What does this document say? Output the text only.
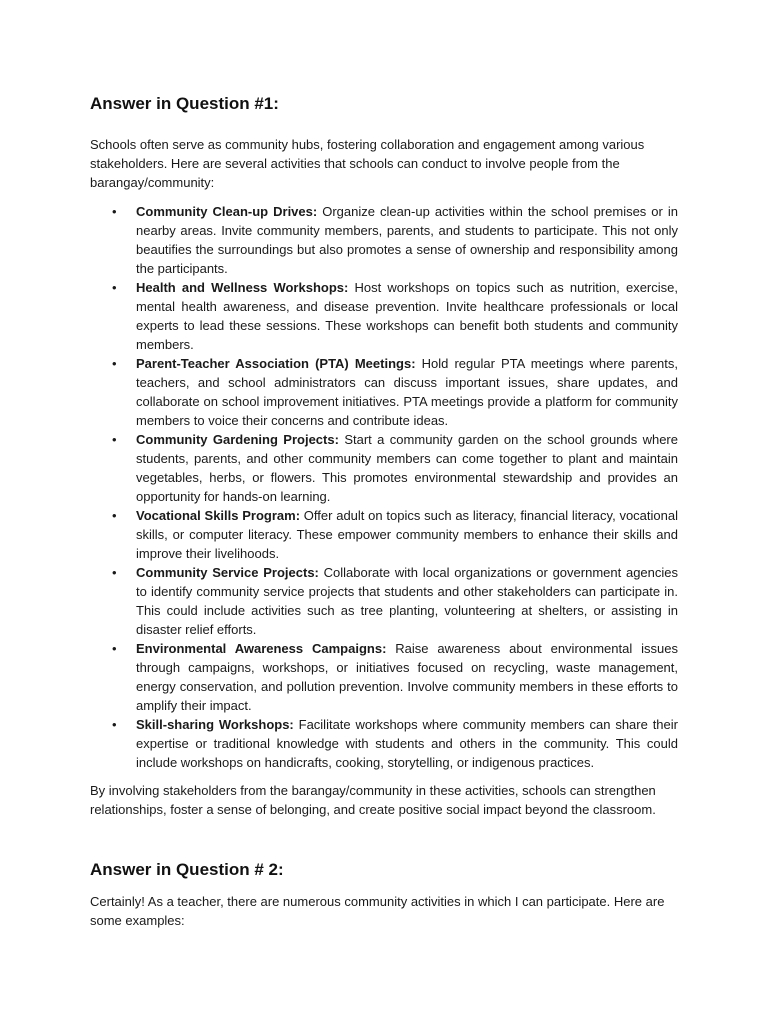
Answer in Question #1:

Schools often serve as community hubs, fostering collaboration and engagement among various stakeholders. Here are several activities that schools can conduct to involve people from the barangay/community:

• Community Clean-up Drives: Organize clean-up activities within the school premises or in nearby areas. Invite community members, parents, and students to participate. This not only beautifies the surroundings but also promotes a sense of ownership and responsibility among the participants.
• Health and Wellness Workshops: Host workshops on topics such as nutrition, exercise, mental health awareness, and disease prevention. Invite healthcare professionals or local experts to lead these sessions. These workshops can benefit both students and community members.
• Parent-Teacher Association (PTA) Meetings: Hold regular PTA meetings where parents, teachers, and school administrators can discuss important issues, share updates, and collaborate on school improvement initiatives. PTA meetings provide a platform for community members to voice their concerns and contribute ideas.
• Community Gardening Projects: Start a community garden on the school grounds where students, parents, and other community members can come together to plant and maintain vegetables, herbs, or flowers. This promotes environmental stewardship and provides an opportunity for hands-on learning.
• Vocational Skills Program: Offer adult on topics such as literacy, financial literacy, vocational skills, or computer literacy. These empower community members to enhance their skills and improve their livelihoods.
• Community Service Projects: Collaborate with local organizations or government agencies to identify community service projects that students and other stakeholders can participate in. This could include activities such as tree planting, volunteering at shelters, or assisting in disaster relief efforts.
• Environmental Awareness Campaigns: Raise awareness about environmental issues through campaigns, workshops, or initiatives focused on recycling, waste management, energy conservation, and pollution prevention. Involve community members in these efforts to amplify their impact.
• Skill-sharing Workshops: Facilitate workshops where community members can share their expertise or traditional knowledge with students and others in the community. This could include workshops on handicrafts, cooking, storytelling, or indigenous practices.

By involving stakeholders from the barangay/community in these activities, schools can strengthen relationships, foster a sense of belonging, and create positive social impact beyond the classroom.

Answer in Question # 2:

Certainly! As a teacher, there are numerous community activities in which I can participate. Here are some examples:
